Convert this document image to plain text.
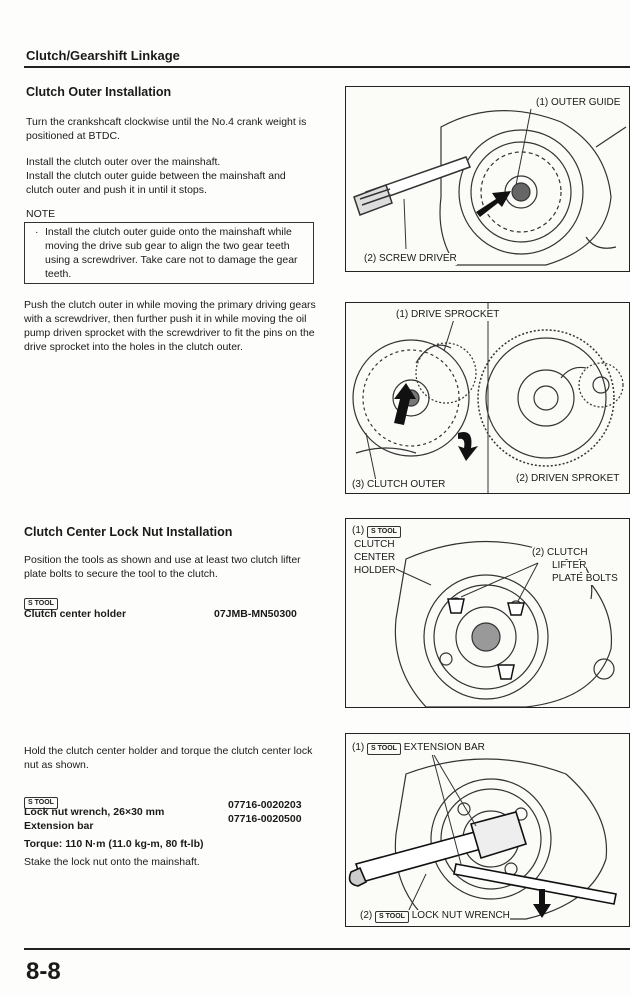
Clutch/Gearshift Linkage
Clutch Outer Installation
Turn the crankshcaft clockwise until the No.4 crank weight is positioned at BTDC.
Install the clutch outer over the mainshaft.
Install the clutch outer guide between the mainshaft and clutch outer and push it in until it stops.
NOTE
· Install the clutch outer guide onto the mainshaft while moving the drive sub gear to align the two gear teeth using a screwdriver. Take care not to damage the gear teeth.
Push the clutch outer in while moving the primary driving gears with a screwdriver, then further push it in while moving the oil pump driven sprocket with the screwdriver to fit the pins on the drive sprocket into the holes in the clutch outer.
(1) OUTER GUIDE
(2) SCREW DRIVER
(1) DRIVE SPROCKET
(3) CLUTCH OUTER
(2) DRIVEN SPROKET
Clutch Center Lock Nut Installation
Position the tools as shown and use at least two clutch lifter plate bolts to secure the tool to the clutch.
S TOOL
Clutch center holder	07JMB-MN50300
(1) S TOOL
CLUTCH
CENTER
HOLDER
(2) CLUTCH
LIFTER
PLATE BOLTS
Hold the clutch center holder and torque the clutch center lock nut as shown.
S TOOL
Lock nut wrench, 26×30 mm
07716-0020203
Extension bar
07716-0020500
Torque: 110 N·m (11.0 kg-m, 80 ft-lb)
Stake the lock nut onto the mainshaft.
(1) S TOOL EXTENSION BAR
(2) S TOOL LOCK NUT WRENCH
8-8
